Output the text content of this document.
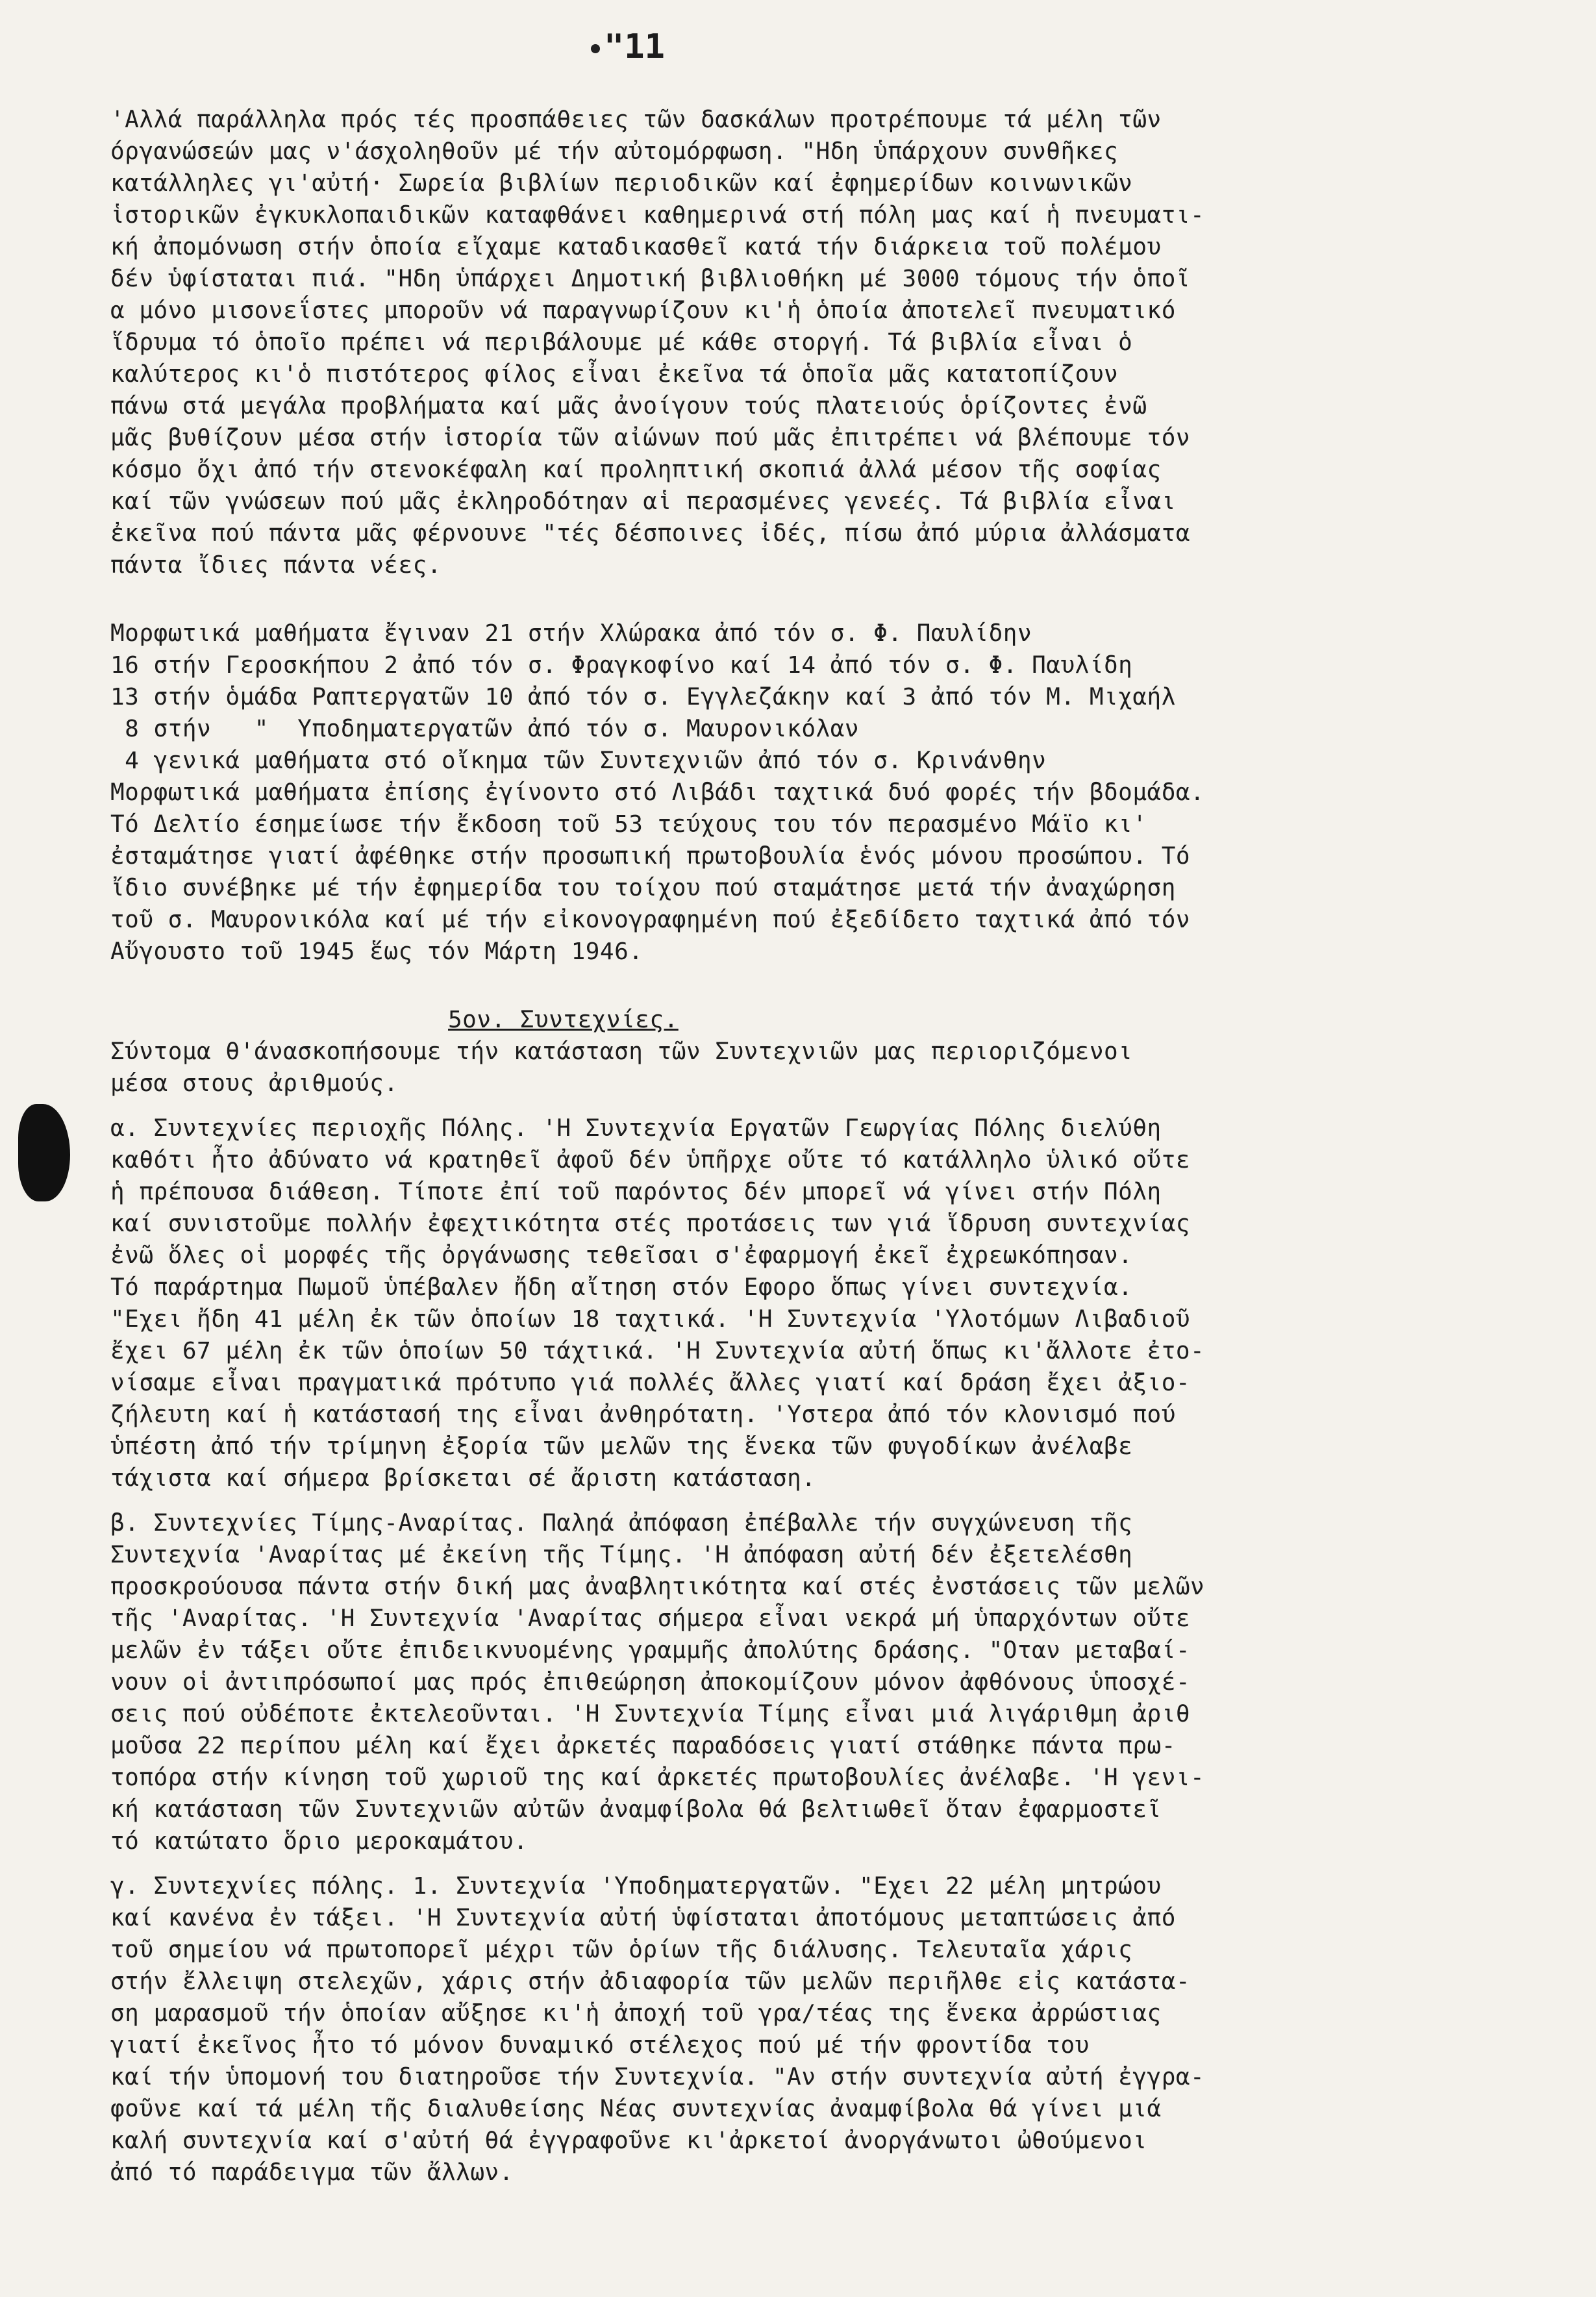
"11
'Αλλά παράλληλα πρός τές προσπάθειες τῶν δασκάλων προτρέπουμε τά μέλη τῶν
όργανώσεών μας ν'άσχοληθοῦν μέ τήν αὐτομόρφωση. "Ηδη ὑπάρχουν συνθῆκες
κατάλληλες γι'αὐτή· Σωρεία βιβλίων περιοδικῶν καί ἐφημερίδων κοινωνικῶν
ἱστορικῶν ἐγκυκλοπαιδικῶν καταφθάνει καθημερινά στή πόλη μας καί ἡ πνευματι-
κή ἀπομόνωση στήν ὁποία εἴχαμε καταδικασθεῖ κατά τήν διάρκεια τοῦ πολέμου
δέν ὑφίσταται πιά. "Ηδη ὑπάρχει Δημοτική βιβλιοθήκη μέ 3000 τόμους τήν ὁποῖ
α μόνο μισονεΐστες μποροῦν νά παραγνωρίζουν κι'ἡ ὁποία ἀποτελεῖ πνευματικό
ἵδρυμα τό ὁποῖο πρέπει νά περιβάλουμε μέ κάθε στοργή. Τά βιβλία εἶναι ὁ
καλύτερος κι'ὁ πιστότερος φίλος εἶναι ἐκεῖνα τά ὁποῖα μᾶς κατατοπίζουν
πάνω στά μεγάλα προβλήματα καί μᾶς ἀνοίγουν τούς πλατειούς ὁρίζοντες ἐνῶ
μᾶς βυθίζουν μέσα στήν ἱστορία τῶν αἰώνων πού μᾶς ἐπιτρέπει νά βλέπουμε τόν
κόσμο ὄχι ἀπό τήν στενοκέφαλη καί προληπτική σκοπιά ἀλλά μέσον τῆς σοφίας
καί τῶν γνώσεων πού μᾶς ἐκληροδότηαν αἱ περασμένες γενεές. Τά βιβλία εἶναι
ἐκεῖνα πού πάντα μᾶς φέρνουνε "τές δέσποινες ἰδές, πίσω ἀπό μύρια ἀλλάσματα
πάντα ἴδιες πάντα νέες.
Μορφωτικά μαθήματα ἔγιναν 21 στήν Χλώρακα ἀπό τόν σ. Φ. Παυλίδην
16 στήν Γεροσκήπου 2 ἀπό τόν σ. Φραγκοφίνο καί 14 ἀπό τόν σ. Φ. Παυλίδη
13 στήν ὁμάδα Ραπτεργατῶν 10 ἀπό τόν σ. Εγγλεζάκην καί 3 ἀπό τόν Μ. Μιχαήλ
8 στήν   "  Υποδηματεργατῶν ἀπό τόν σ. Μαυρονικόλαν
4 γενικά μαθήματα στό οἴκημα τῶν Συντεχνιῶν ἀπό τόν σ. Κρινάνθην
Μορφωτικά μαθήματα ἐπίσης ἐγίνοντο στό Λιβάδι ταχτικά δυό φορές τήν βδομάδα.
Τό Δελτίο έσημείωσε τήν ἔκδοση τοῦ 53 τεύχους του τόν περασμένο Μάϊο κι'
ἐσταμάτησε γιατί ἀφέθηκε στήν προσωπική πρωτοβουλία ἑνός μόνου προσώπου. Τό
ἴδιο συνέβηκε μέ τήν ἐφημερίδα του τοίχου πού σταμάτησε μετά τήν ἀναχώρηση
τοῦ σ. Μαυρονικόλα καί μέ τήν εἰκονογραφημένη πού ἐξεδίδετο ταχτικά ἀπό τόν
Αὔγουστο τοῦ 1945 ἕως τόν Μάρτη 1946.
5ον. Συντεχνίες.
Σύντομα θ'άνασκοπήσουμε τήν κατάσταση τῶν Συντεχνιῶν μας περιοριζόμενοι
μέσα στους ἀριθμούς.
α. Συντεχνίες περιοχῆς Πόλης. 'Η Συντεχνία Εργατῶν Γεωργίας Πόλης διελύθη
καθότι ἦτο ἀδύνατο νά κρατηθεῖ ἀφοῦ δέν ὑπῆρχε οὔτε τό κατάλληλο ὑλικό οὔτε
ἡ πρέπουσα διάθεση. Τίποτε ἐπί τοῦ παρόντος δέν μπορεῖ νά γίνει στήν Πόλη
καί συνιστοῦμε πολλήν ἐφεχτικότητα στές προτάσεις των γιά ἵδρυση συντεχνίας
ἐνῶ ὅλες οἱ μορφές τῆς ὀργάνωσης τεθεῖσαι σ'ἐφαρμογή ἐκεῖ ἐχρεωκόπησαν.
Τό παράρτημα Πωμοῦ ὑπέβαλεν ἤδη αἴτηση στόν Εφορο ὅπως γίνει συντεχνία.
"Εχει ἤδη 41 μέλη ἐκ τῶν ὁποίων 18 ταχτικά. 'Η Συντεχνία 'Υλοτόμων Λιβαδιοῦ
ἔχει 67 μέλη ἐκ τῶν ὁποίων 50 τάχτικά. 'Η Συντεχνία αὐτή ὅπως κι'ἄλλοτε ἐτο-
νίσαμε εἶναι πραγματικά πρότυπο γιά πολλές ἄλλες γιατί καί δράση ἔχει ἀξιο-
ζήλευτη καί ἡ κατάστασή της εἶναι ἀνθηρότατη. 'Υστερα ἀπό τόν κλονισμό πού
ὑπέστη ἀπό τήν τρίμηνη ἐξορία τῶν μελῶν της ἕνεκα τῶν φυγοδίκων ἀνέλαβε
τάχιστα καί σήμερα βρίσκεται σέ ἄριστη κατάσταση.
β. Συντεχνίες Τίμης-Αναρίτας. Παληά ἀπόφαση ἐπέβαλλε τήν συγχώνευση τῆς
Συντεχνία 'Αναρίτας μέ ἐκείνη τῆς Τίμης. 'Η ἀπόφαση αὐτή δέν ἐξετελέσθη
προσκρούουσα πάντα στήν δική μας ἀναβλητικότητα καί στές ἐνστάσεις τῶν μελῶν
τῆς 'Αναρίτας. 'Η Συντεχνία 'Αναρίτας σήμερα εἶναι νεκρά μή ὑπαρχόντων οὔτε
μελῶν ἐν τάξει οὔτε ἐπιδεικνυομένης γραμμῆς ἀπολύτης δράσης. "Οταν μεταβαί-
νουν οἱ ἀντιπρόσωποί μας πρός ἐπιθεώρηση ἀποκομίζουν μόνον ἀφθόνους ὑποσχέ-
σεις πού οὐδέποτε ἐκτελεοῦνται. 'Η Συντεχνία Τίμης εἶναι μιά λιγάριθμη ἀριθ
μοῦσα 22 περίπου μέλη καί ἔχει ἀρκετές παραδόσεις γιατί στάθηκε πάντα πρω-
τοπόρα στήν κίνηση τοῦ χωριοῦ της καί ἀρκετές πρωτοβουλίες ἀνέλαβε. 'Η γενι-
κή κατάσταση τῶν Συντεχνιῶν αὐτῶν ἀναμφίβολα θά βελτιωθεῖ ὅταν ἐφαρμοστεῖ
τό κατώτατο ὅριο μεροκαμάτου.
γ. Συντεχνίες πόλης. 1. Συντεχνία 'Υποδηματεργατῶν. "Εχει 22 μέλη μητρώου
καί κανένα ἐν τάξει. 'Η Συντεχνία αὐτή ὑφίσταται ἀποτόμους μεταπτώσεις ἀπό
τοῦ σημείου νά πρωτοπορεῖ μέχρι τῶν ὁρίων τῆς διάλυσης. Τελευταῖα χάρις
στήν ἔλλειψη στελεχῶν, χάρις στήν ἀδιαφορία τῶν μελῶν περιῆλθε εἰς κατάστα-
ση μαρασμοῦ τήν ὁποίαν αὔξησε κι'ἡ ἀποχή τοῦ γρα/τέας της ἕνεκα ἀρρώστιας
γιατί ἐκεῖνος ἦτο τό μόνον δυναμικό στέλεχος πού μέ τήν φροντίδα του
καί τήν ὑπομονή του διατηροῦσε τήν Συντεχνία. "Αν στήν συντεχνία αὐτή ἐγγρα-
φοῦνε καί τά μέλη τῆς διαλυθείσης Νέας συντεχνίας ἀναμφίβολα θά γίνει μιά
καλή συντεχνία καί σ'αὐτή θά ἐγγραφοῦνε κι'ἀρκετοί ἀνοργάνωτοι ὠθούμενοι
ἀπό τό παράδειγμα τῶν ἄλλων.
